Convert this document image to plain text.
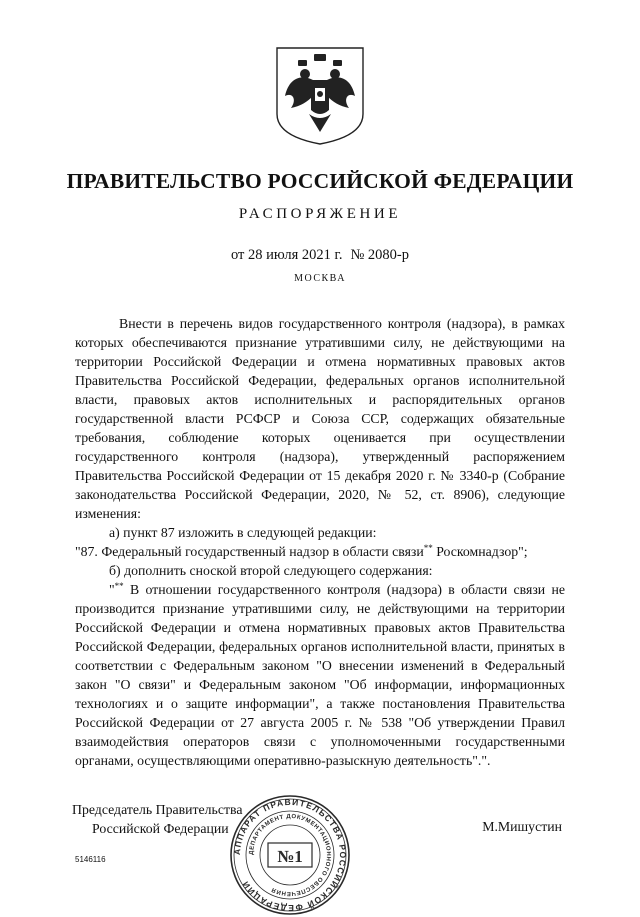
ПРАВИТЕЛЬСТВО РОССИЙСКОЙ ФЕДЕРАЦИИ
РАСПОРЯЖЕНИЕ
от 28 июля 2021 г. № 2080-р
МОСКВА

Внести в перечень видов государственного контроля (надзора), в рамках которых обеспечиваются признание утратившими силу, не действующими на территории Российской Федерации и отмена нормативных правовых актов Правительства Российской Федерации, федеральных органов исполнительной власти, правовых актов исполнительных и распорядительных органов государственной власти РСФСР и Союза ССР, содержащих обязательные требования, соблюдение которых оценивается при осуществлении государственного контроля (надзора), утвержденный распоряжением Правительства Российской Федерации от 15 декабря 2020 г. № 3340-р (Собрание законодательства Российской Федерации, 2020, № 52, ст. 8906), следующие изменения:

а) пункт 87 изложить в следующей редакции:

"87. Федеральный государственный надзор в области связи** Роскомнадзор";

б) дополнить сноской второй следующего содержания:

"** В отношении государственного контроля (надзора) в области связи не производится признание утратившими силу, не действующими на территории Российской Федерации и отмена нормативных правовых актов Правительства Российской Федерации, федеральных органов исполнительной власти, принятых в соответствии с Федеральным законом "О внесении изменений в Федеральный закон "О связи" и Федеральным законом "Об информации, информационных технологиях и о защите информации", а также постановления Правительства Российской Федерации от 27 августа 2005 г. № 538 "Об утверждении Правил взаимодействия операторов связи с уполномоченными государственными органами, осуществляющими оперативно-разыскную деятельность".".

Председатель Правительства
Российской Федерации	М.Мишустин
5146116
АППАРАТ ПРАВИТЕЛЬСТВА РОССИЙСКОЙ ФЕДЕРАЦИИ
ДЕПАРТАМЕНТ ДОКУМЕНТАЦИОННОГО ОБЕСПЕЧЕНИЯ
№1
